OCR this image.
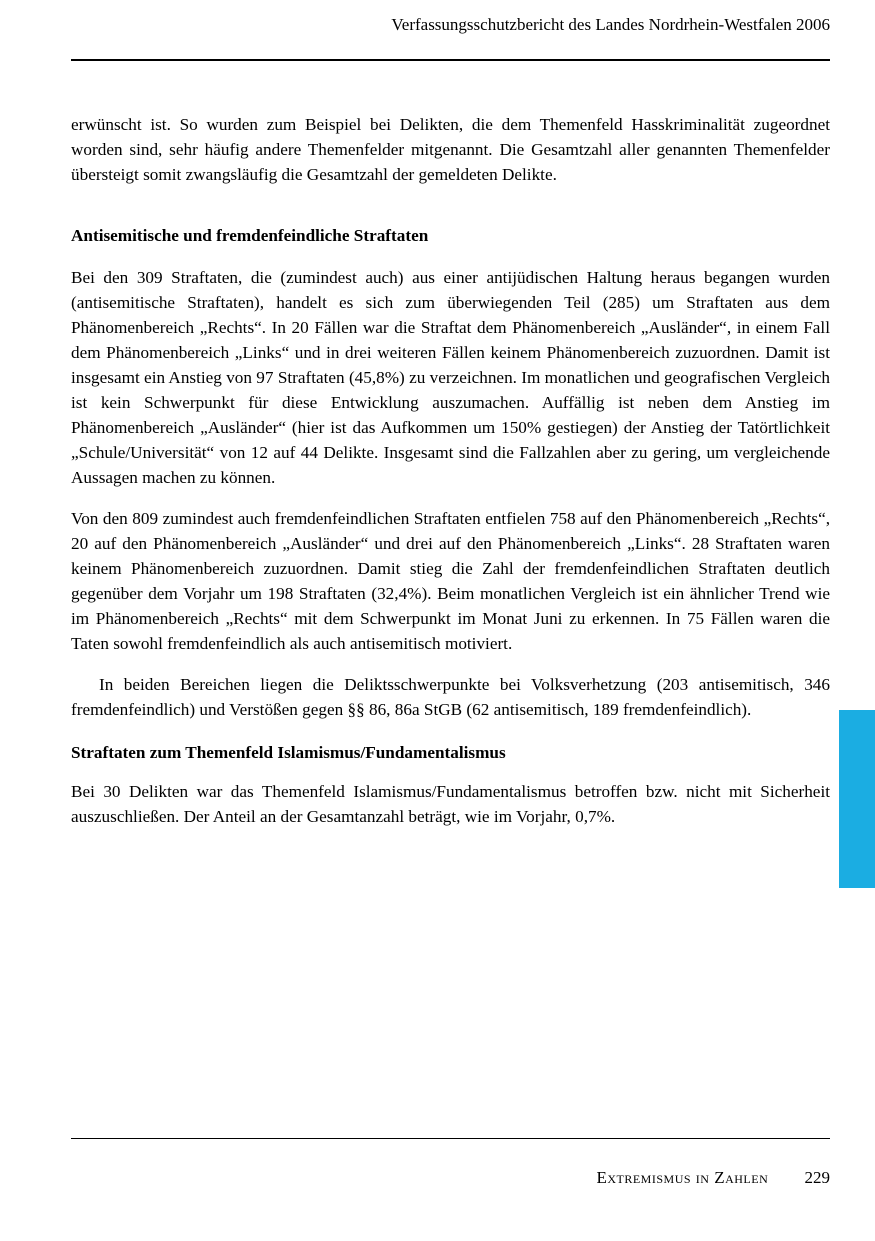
Verfassungsschutzbericht des Landes Nordrhein-Westfalen 2006

erwünscht ist. So wurden zum Beispiel bei Delikten, die dem Themenfeld Hasskriminalität zugeordnet worden sind, sehr häufig andere Themenfelder mitgenannt. Die Gesamtzahl aller genannten Themenfelder übersteigt somit zwangsläufig die Gesamtzahl der gemeldeten Delikte.

Antisemitische und fremdenfeindliche Straftaten

Bei den 309 Straftaten, die (zumindest auch) aus einer antijüdischen Haltung heraus begangen wurden (antisemitische Straftaten), handelt es sich zum überwiegenden Teil (285) um Straftaten aus dem Phänomenbereich „Rechts“. In 20 Fällen war die Straftat dem Phänomenbereich „Ausländer“, in einem Fall dem Phänomenbereich „Links“ und in drei weiteren Fällen keinem Phänomenbereich zuzuordnen. Damit ist insgesamt ein Anstieg von 97 Straftaten (45,8%) zu verzeichnen. Im monatlichen und geografischen Vergleich ist kein Schwerpunkt für diese Entwicklung auszumachen. Auffällig ist neben dem Anstieg im Phänomenbereich „Ausländer“ (hier ist das Aufkommen um 150% gestiegen) der Anstieg der Tatörtlichkeit „Schule/Universität“ von 12 auf 44 Delikte. Insgesamt sind die Fallzahlen aber zu gering, um vergleichende Aussagen machen zu können.

Von den 809 zumindest auch fremdenfeindlichen Straftaten entfielen 758 auf den Phänomenbereich „Rechts“, 20 auf den Phänomenbereich „Ausländer“ und drei auf den Phänomenbereich „Links“. 28 Straftaten waren keinem Phänomenbereich zuzuordnen. Damit stieg die Zahl der fremdenfeindlichen Straftaten deutlich gegenüber dem Vorjahr um 198 Straftaten (32,4%). Beim monatlichen Vergleich ist ein ähnlicher Trend wie im Phänomenbereich „Rechts“ mit dem Schwerpunkt im Monat Juni zu erkennen. In 75 Fällen waren die Taten sowohl fremdenfeindlich als auch antisemitisch motiviert.

In beiden Bereichen liegen die Deliktsschwerpunkte bei Volksverhetzung (203 antisemitisch, 346 fremdenfeindlich) und Verstößen gegen §§ 86, 86a StGB (62 antisemitisch, 189 fremdenfeindlich).

Straftaten zum Themenfeld Islamismus/Fundamentalismus

Bei 30 Delikten war das Themenfeld Islamismus/Fundamentalismus betroffen bzw. nicht mit Sicherheit auszuschließen. Der Anteil an der Gesamtanzahl beträgt, wie im Vorjahr, 0,7%.

Extremismus in Zahlen 229
